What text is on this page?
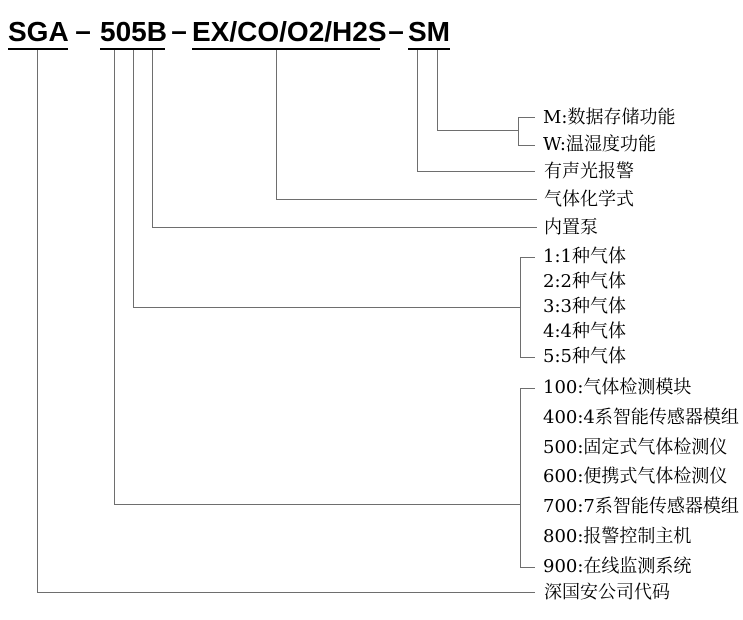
SGA – 505B – EX/CO/O2/H2S – SM
M:数据存储功能
W:温湿度功能
有声光报警
气体化学式
内置泵
1:1种气体
2:2种气体
3:3种气体
4:4种气体
5:5种气体
100:气体检测模块
400:4系智能传感器模组
500:固定式气体检测仪
600:便携式气体检测仪
700:7系智能传感器模组
800:报警控制主机
900:在线监测系统
深国安公司代码
